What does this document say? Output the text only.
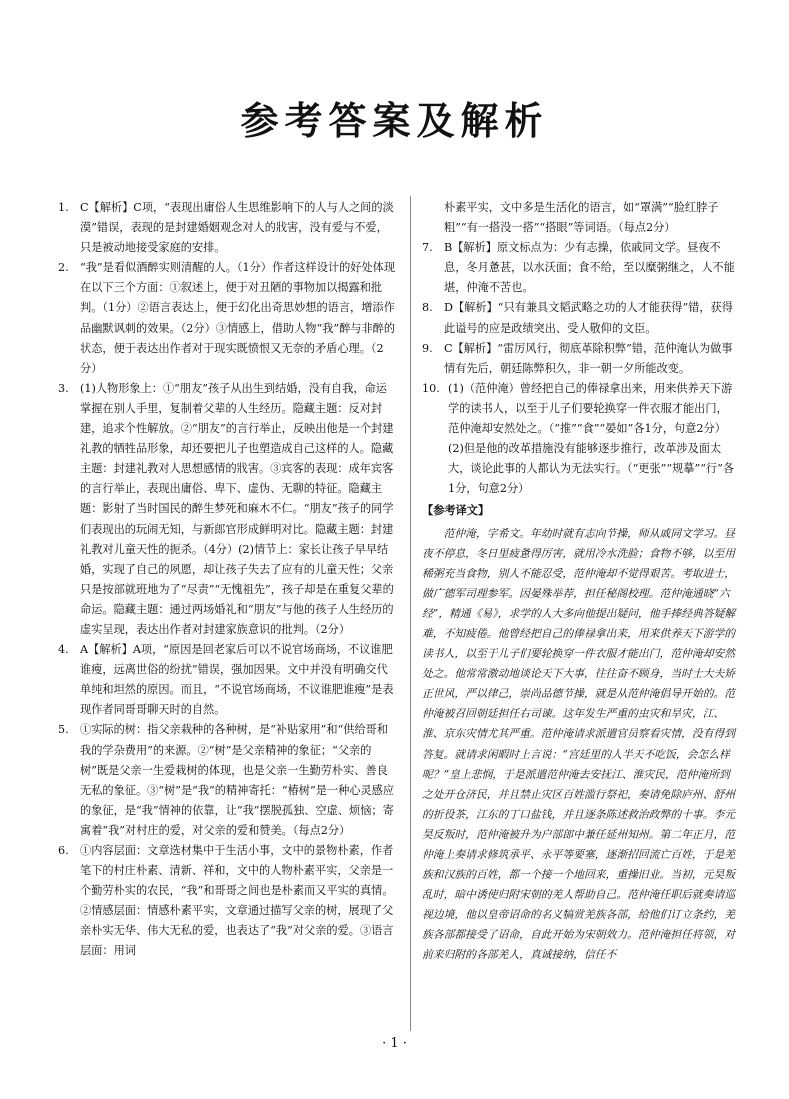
参考答案及解析
1.	C【解析】C项，“表现出庸俗人生思维影响下的人与人之间的淡漠”错误，表现的是封建婚姻观念对人的戕害，没有爱与不爱，只是被动地接受家庭的安排。

2.	“我”是看似酒醉实则清醒的人。（1分）作者这样设计的好处体现在以下三个方面：①叙述上，便于对丑陋的事物加以揭露和批判。（1分）②语言表达上，便于幻化出奇思妙想的语言，增添作品幽默讽刺的效果。（2分）③情感上，借助人物“我”醉与非醉的状态，便于表达出作者对于现实既愤恨又无奈的矛盾心理。（2分）

3.	(1)人物形象上：①“朋友”孩子从出生到结婚，没有自我，命运掌握在别人手里，复制着父辈的人生经历。隐藏主题：反对封建，追求个性解放。②“朋友”的言行举止，反映出他是一个封建礼教的牺牲品形象，却还要把儿子也塑造成自己这样的人。隐藏主题：封建礼教对人思想感情的戕害。③宾客的表现：成年宾客的言行举止，表现出庸俗、卑下、虚伪、无聊的特征。隐藏主题：影射了当时国民的醉生梦死和麻木不仁。“朋友”孩子的同学们表现出的玩闹无知，与新郎官形成鲜明对比。隐藏主题：封建礼教对儿童天性的扼杀。（4分）(2)情节上：家长让孩子早早结婚，实现了自己的夙愿，却让孩子失去了应有的儿童天性；父亲只是按部就班地为了“尽责”“无愧祖先”，孩子却是在重复父辈的命运。隐藏主题：通过两场婚礼和“朋友”与他的孩子人生经历的虚实呈现，表达出作者对封建家族意识的批判。（2分）

4.	A【解析】A项，“原因是回老家后可以不说官场商场，不议谁肥谁瘦，远离世俗的纷扰”错误，强加因果。文中并没有明确交代单纯和坦然的原因。而且，“不说官场商场，不议谁肥谁瘦”是表现作者同哥哥聊天时的自然。

5.	①实际的树：指父亲栽种的各种树，是“补贴家用”和“供给哥和我的学杂费用”的来源。②“树”是父亲精神的象征；“父亲的树”既是父亲一生爱栽树的体现，也是父亲一生勤劳朴实、善良无私的象征。③“树”是“我”的精神寄托：“椿树”是一种心灵感应的象征，是“我”情神的依靠，让“我”摆脱孤独、空虚、烦恼；寄寓着“我”对村庄的爱，对父亲的爱和赞美。（每点2分）

6.	①内容层面：文章选材集中于生活小事，文中的景物朴素，作者笔下的村庄朴素、清新、祥和，文中的人物朴素平实，父亲是一个勤劳朴实的农民，“我”和哥哥之间也是朴素而又平实的真情。②情感层面：情感朴素平实，文章通过描写父亲的树，展现了父亲朴实无华、伟大无私的爱，也表达了“我”对父亲的爱。③语言层面：用词

朴素平实，文中多是生活化的语言，如“罩满”“脸红脖子粗”“有一搭没一搭”“搭眼”等词语。（每点2分）

7.	B【解析】原文标点为：少有志操，依戚同文学。昼夜不息，冬月惫甚，以水沃面；食不给，至以糜粥继之，人不能堪，仲淹不苦也。

8.	D【解析】“只有兼具文韬武略之功的人才能获得”错，获得此谥号的应是政绩突出、受人敬仰的文臣。

9.	C【解析】“雷厉风行，彻底革除积弊”错，范仲淹认为做事情有先后，朝廷陈弊积久，非一朝一夕所能改变。

10. (1)（范仲淹）曾经把自己的俸禄拿出来，用来供养天下游学的读书人，以至于儿子们要轮换穿一件衣服才能出门，范仲淹却安然处之。（“推”“食”“晏如”各1分，句意2分）(2)但是他的改革措施没有能够逐步推行，改革涉及面太大，谈论此事的人都认为无法实行。（“更张”“规摹”“行”各1分，句意2分）

【参考译文】

范仲淹，字希文。年幼时就有志向节操，师从戚同文学习。昼夜不停息，冬日里疲惫得厉害，就用冷水洗脸；食物不够，以至用稀粥充当食物，别人不能忍受，范仲淹却不觉得艰苦。考取进士，做广德军司理参军。因晏殊举荐，担任秘阁校理。范仲淹通晓“六经”，精通《易》，求学的人大多向他提出疑问，他手捧经典答疑解难，不知疲倦。他曾经把自己的俸禄拿出来，用来供养天下游学的读书人，以至于儿子们要轮换穿一件衣服才能出门，范仲淹却安然处之。他常常激动地谈论天下大事，往往奋不顾身，当时士大夫矫正世风，严以律己，崇尚品德节操，就是从范仲淹倡导开始的。范仲淹被召回朝廷担任右司谏。这年发生严重的虫灾和旱灾，江、淮、京东灾情尤其严重。范仲淹请求派遣官员察看灾情，没有得到答复。就请求闲暇时上言说：“宫廷里的人半天不吃饭，会怎么样呢？”皇上悲悯，于是派遣范仲淹去安抚江、淮灾民，范仲淹所到之处开仓济民，并且禁止灾区百姓滥行祭祀，奏请免除庐州、舒州的折役茶，江东的丁口盐钱，并且逐条陈述救治政弊的十事。李元昊反叛时，范仲淹被升为户部郎中兼任延州知州。第二年正月，范仲淹上奏请求修筑承平、永平等要塞，逐渐招回流亡百姓，于是羌族和汉族的百姓，都一个接一个地回来，重操旧业。当初，元昊叛乱时，暗中诱使归附宋朝的羌人帮助自己。范仲淹任职后就奏请巡视边境，他以皇帝诏命的名义犒赏羌族各部，给他们订立条约，羌族各部都接受了诏命，自此开始为宋朝效力。范仲淹担任将领，对前来归附的各部羌人，真诚接纳，信任不

· 1 ·
